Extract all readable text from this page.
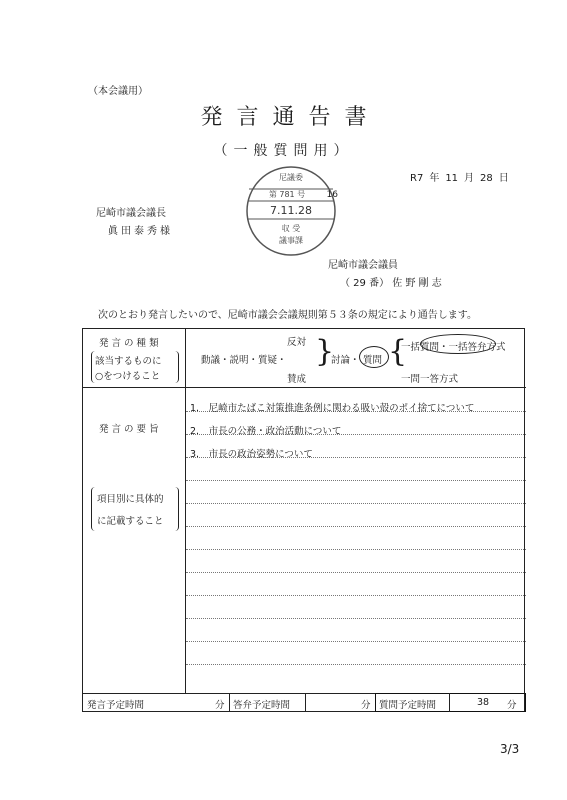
（本会議用）
発言通告書
（一般質問用）
尼議委
第 781 号 16
7.11.28
収 受
議事課
R7 年 11 月 28 日
尼崎市議会議長
眞田泰秀様
尼崎市議会議員
（ 29 番） 佐 野 剛 志
次のとおり発言したいので、尼崎市議会会議規則第５３条の規定により通告します。
発 言 の 種 類
該当するものに
○をつけること
反対
動議・説明・質疑・
賛成
}
討論・ 質問 {
一括質問・一括答弁方式
一問一答方式
発 言 の 要 旨
項目別に具体的
に記載すること
発言予定時間	分 答弁予定時間	分 質問予定時間	38 分
1.　尼崎市たばこ対策推進条例に関わる吸い殻のポイ捨てについて
2.　市長の公務・政治活動について
3.　市長の政治姿勢について
3/3
